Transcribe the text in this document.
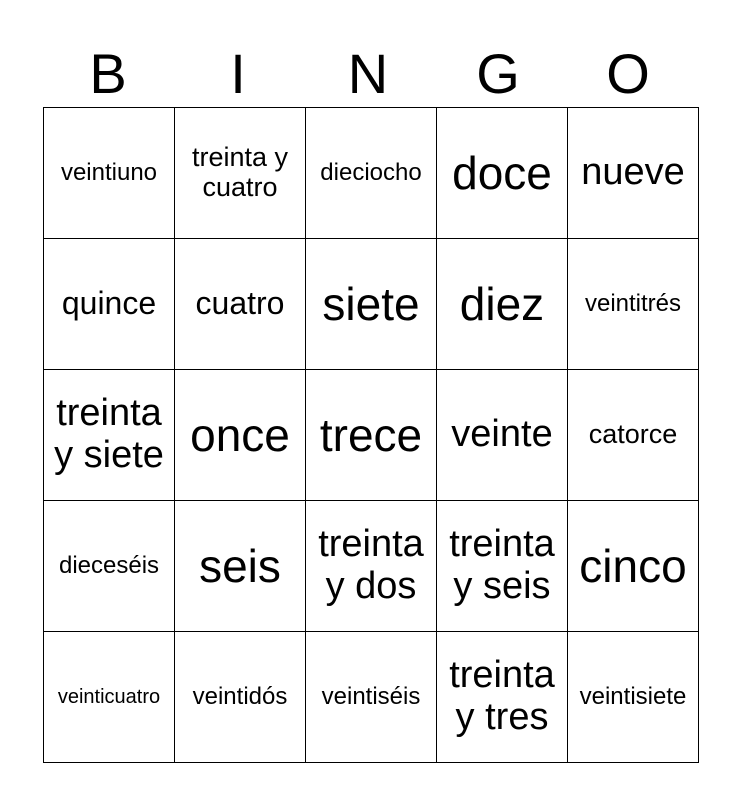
B	I	N	G	O
veintiuno	treinta y cuatro	dieciocho	doce	nueve

quince	cuatro	siete	diez	veintitrés

treinta y siete	once	trece	veinte	catorce

dieceséis	seis	treinta y dos	treinta y seis	cinco

veinticuatro	veintidós	veintiséis	treinta y tres	veintisiete
